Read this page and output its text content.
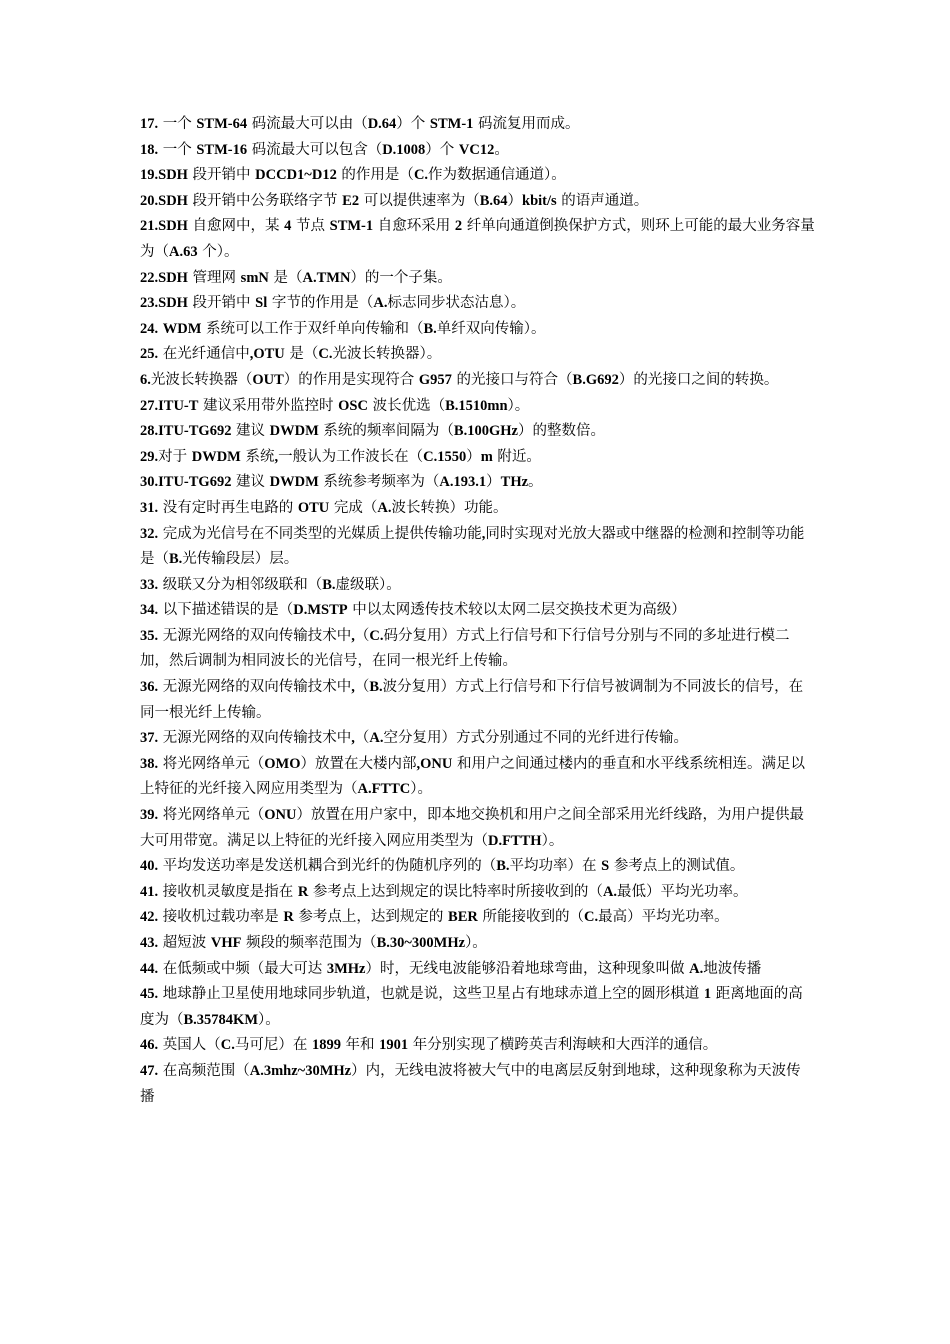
17. 一个 STM-64 码流最大可以由（D.64）个 STM-1 码流复用而成。

18. 一个 STM-16 码流最大可以包含（D.1008）个 VC12。

19.SDH 段开销中 DCCD1~D12 的作用是（C.作为数据通信通道）。

20.SDH 段开销中公务联络字节 E2 可以提供速率为（B.64）kbit/s 的语声通道。

21.SDH 自愈网中，某 4 节点 STM-1 自愈环采用 2 纤单向通道倒换保护方式，则环上可能的最大业务容量为（A.63 个）。

22.SDH 管理网 smN 是（A.TMN）的一个子集。

23.SDH 段开销中 Sl 字节的作用是（A.标志同步状态沽息）。

24. WDM 系统可以工作于双纤单向传输和（B.单纤双向传输）。

25. 在光纤通信中,OTU 是（C.光波长转换器）。

6.光波长转换器（OUT）的作用是实现符合 G957 的光接口与符合（B.G692）的光接口之间的转换。

27.ITU-T 建议采用带外监控时 OSC 波长优选（B.1510mn）。

28.ITU-TG692 建议 DWDM 系统的频率间隔为（B.100GHz）的整数倍。

29.对于 DWDM 系统,一般认为工作波长在（C.1550）m 附近。

30.ITU-TG692 建议 DWDM 系统参考频率为（A.193.1）THz。

31. 没有定时再生电路的 OTU 完成（A.波长转换）功能。

32. 完成为光信号在不同类型的光媒质上提供传输功能,同时实现对光放大器或中继器的检测和控制等功能是（B.光传输段层）层。

33. 级联又分为相邻级联和（B.虚级联）。

34. 以下描述错误的是（D.MSTP 中以太网透传技术较以太网二层交换技术更为高级）

35. 无源光网络的双向传输技术中,（C.码分复用）方式上行信号和下行信号分别与不同的多址进行模二加，然后调制为相同波长的光信号，在同一根光纤上传输。

36. 无源光网络的双向传输技术中,（B.波分复用）方式上行信号和下行信号被调制为不同波长的信号，在同一根光纤上传输。

37. 无源光网络的双向传输技术中,（A.空分复用）方式分别通过不同的光纤进行传输。

38. 将光网络单元（OMO）放置在大楼内部,ONU 和用户之间通过楼内的垂直和水平线系统相连。满足以上特征的光纤接入网应用类型为（A.FTTC）。

39. 将光网络单元（ONU）放置在用户家中，即本地交换机和用户之间全部采用光纤线路，为用户提供最大可用带宽。满足以上特征的光纤接入网应用类型为（D.FTTH）。

40. 平均发送功率是发送机耦合到光纤的伪随机序列的（B.平均功率）在 S 参考点上的测试值。

41. 接收机灵敏度是指在 R 参考点上达到规定的误比特率时所接收到的（A.最低）平均光功率。

42. 接收机过载功率是 R 参考点上，达到规定的 BER 所能接收到的（C.最高）平均光功率。

43. 超短波 VHF 频段的频率范围为（B.30~300MHz）。

44. 在低频或中频（最大可达 3MHz）时，无线电波能够沿着地球弯曲，这种现象叫做 A.地波传播

45. 地球静止卫星使用地球同步轨道，也就是说，这些卫星占有地球赤道上空的圆形棋道 1 距离地面的高度为（B.35784KM）。

46. 英国人（C.马可尼）在 1899 年和 1901 年分别实现了横跨英吉利海峡和大西洋的通信。

47. 在高频范围（A.3mhz~30MHz）内，无线电波将被大气中的电离层反射到地球，这种现象称为天波传播
